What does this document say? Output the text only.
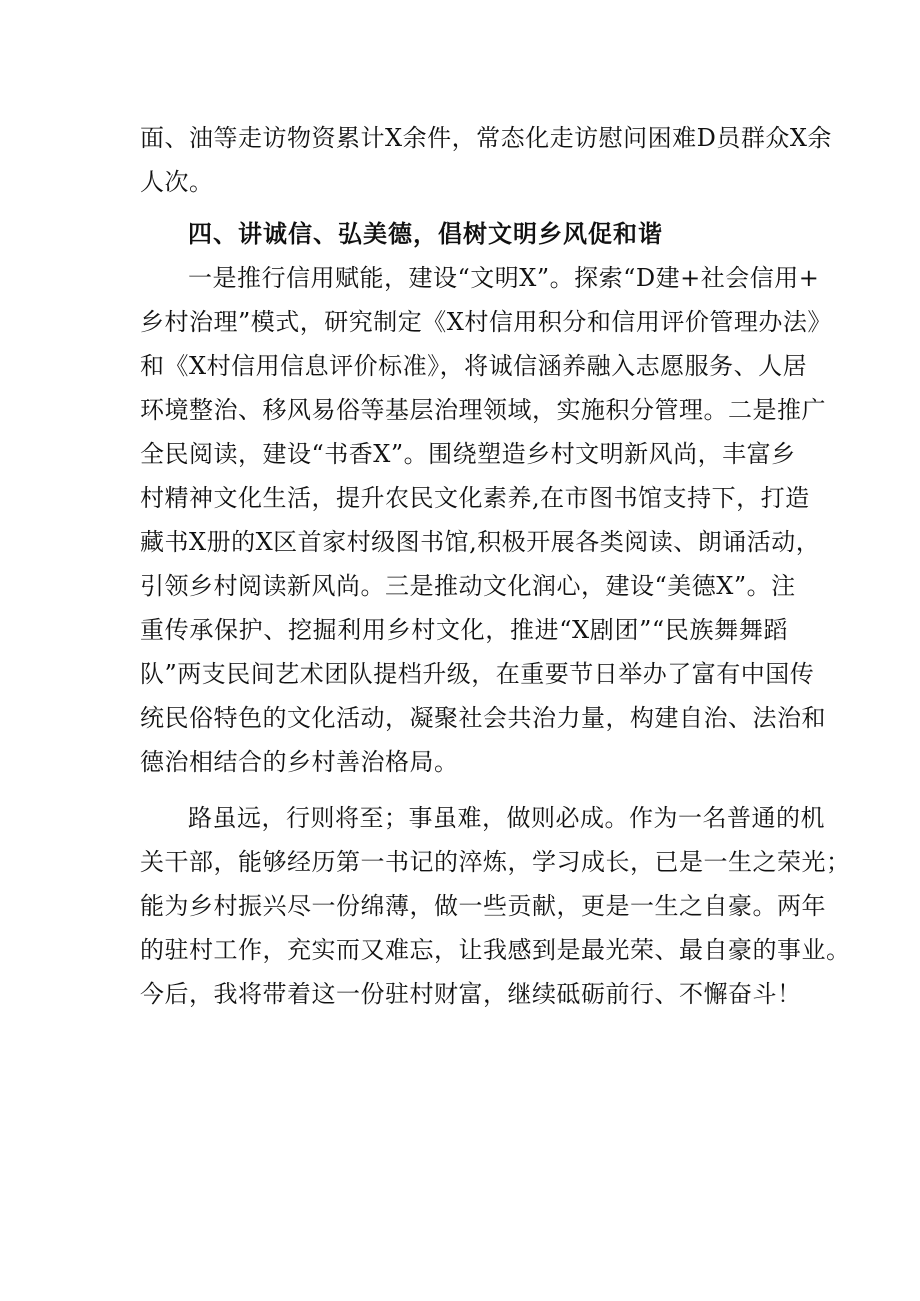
面、油等走访物资累计X余件，常态化走访慰问困难D员群众X余
人次。
四、讲诚信、弘美德，倡树文明乡风促和谐
一是推行信用赋能，建设“文明X”。探索“D建+社会信用+
乡村治理”模式，研究制定《X村信用积分和信用评价管理办法》
和《X村信用信息评价标准》，将诚信涵养融入志愿服务、人居
环境整治、移风易俗等基层治理领域，实施积分管理。二是推广
全民阅读，建设“书香X”。围绕塑造乡村文明新风尚，丰富乡
村精神文化生活，提升农民文化素养,在市图书馆支持下，打造
藏书X册的X区首家村级图书馆,积极开展各类阅读、朗诵活动，
引领乡村阅读新风尚。三是推动文化润心，建设“美德X”。注
重传承保护、挖掘利用乡村文化，推进“X剧团”“民族舞舞蹈
队”两支民间艺术团队提档升级，在重要节日举办了富有中国传
统民俗特色的文化活动，凝聚社会共治力量，构建自治、法治和
德治相结合的乡村善治格局。
路虽远，行则将至；事虽难，做则必成。作为一名普通的机
关干部，能够经历第一书记的淬炼，学习成长，已是一生之荣光；
能为乡村振兴尽一份绵薄，做一些贡献，更是一生之自豪。两年
的驻村工作，充实而又难忘，让我感到是最光荣、最自豪的事业。
今后，我将带着这一份驻村财富，继续砥砺前行、不懈奋斗！
